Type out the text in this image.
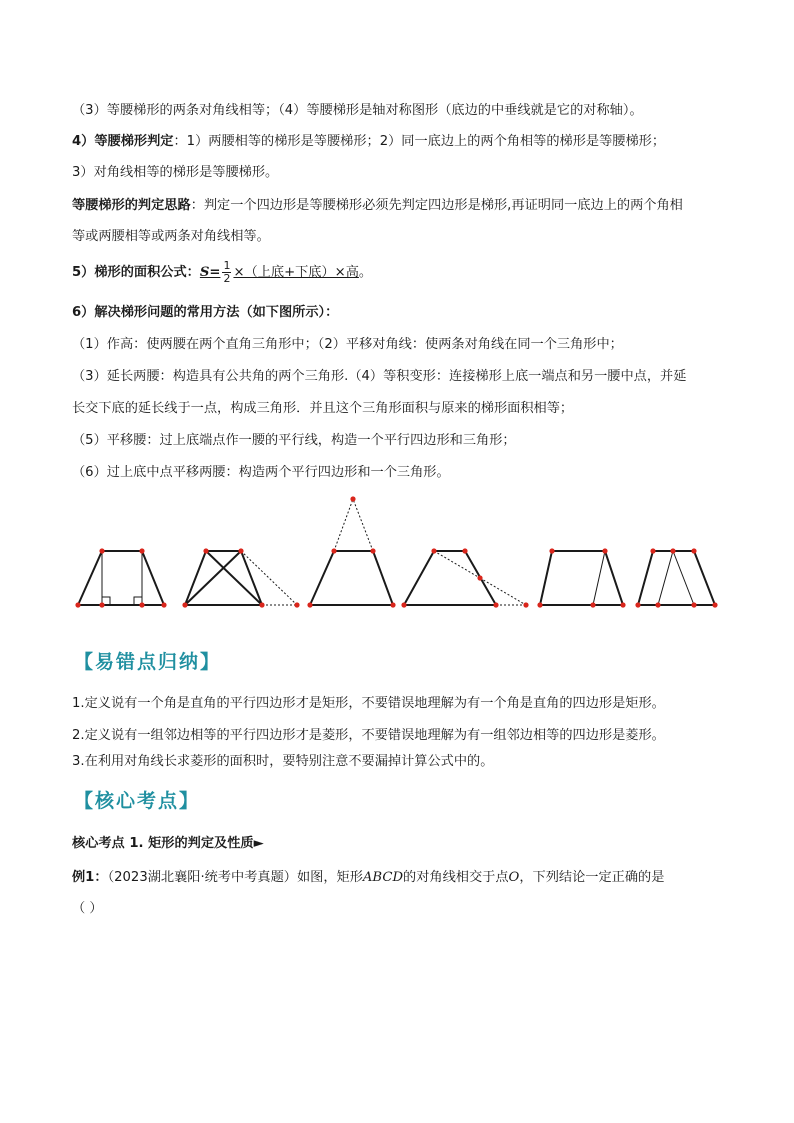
（3）等腰梯形的两条对角线相等；（4）等腰梯形是轴对称图形（底边的中垂线就是它的对称轴）。
4）等腰梯形判定：1）两腰相等的梯形是等腰梯形；2）同一底边上的两个角相等的梯形是等腰梯形；
3）对角线相等的梯形是等腰梯形。
等腰梯形的判定思路：判定一个四边形是等腰梯形必须先判定四边形是梯形,再证明同一底边上的两个角相
等或两腰相等或两条对角线相等。
5）梯形的面积公式：$S= \frac{1}{2}$ ×（上底+下底）×高。
6）解决梯形问题的常用方法（如下图所示）：
（1）作高：使两腰在两个直角三角形中；（2）平移对角线：使两条对角线在同一个三角形中；
（3）延长两腰：构造具有公共角的两个三角形.（4）等积变形：连接梯形上底一端点和另一腰中点，并延
长交下底的延长线于一点，构成三角形．并且这个三角形面积与原来的梯形面积相等；
（5）平移腰：过上底端点作一腰的平行线，构造一个平行四边形和三角形；
（6）过上底中点平移两腰：构造两个平行四边形和一个三角形。
【易错点归纳】
1.定义说有一个角是直角的平行四边形才是矩形，不要错误地理解为有一个角是直角的四边形是矩形。
2.定义说有一组邻边相等的平行四边形才是菱形，不要错误地理解为有一组邻边相等的四边形是菱形。
3.在利用对角线长求菱形的面积时，要特别注意不要漏掉计算公式中的。
【核心考点】
核心考点 1. 矩形的判定及性质►
例1：（2023湖北襄阳·统考中考真题）如图，矩形ABCD的对角线相交于点O，下列结论一定正确的是
（ ）
